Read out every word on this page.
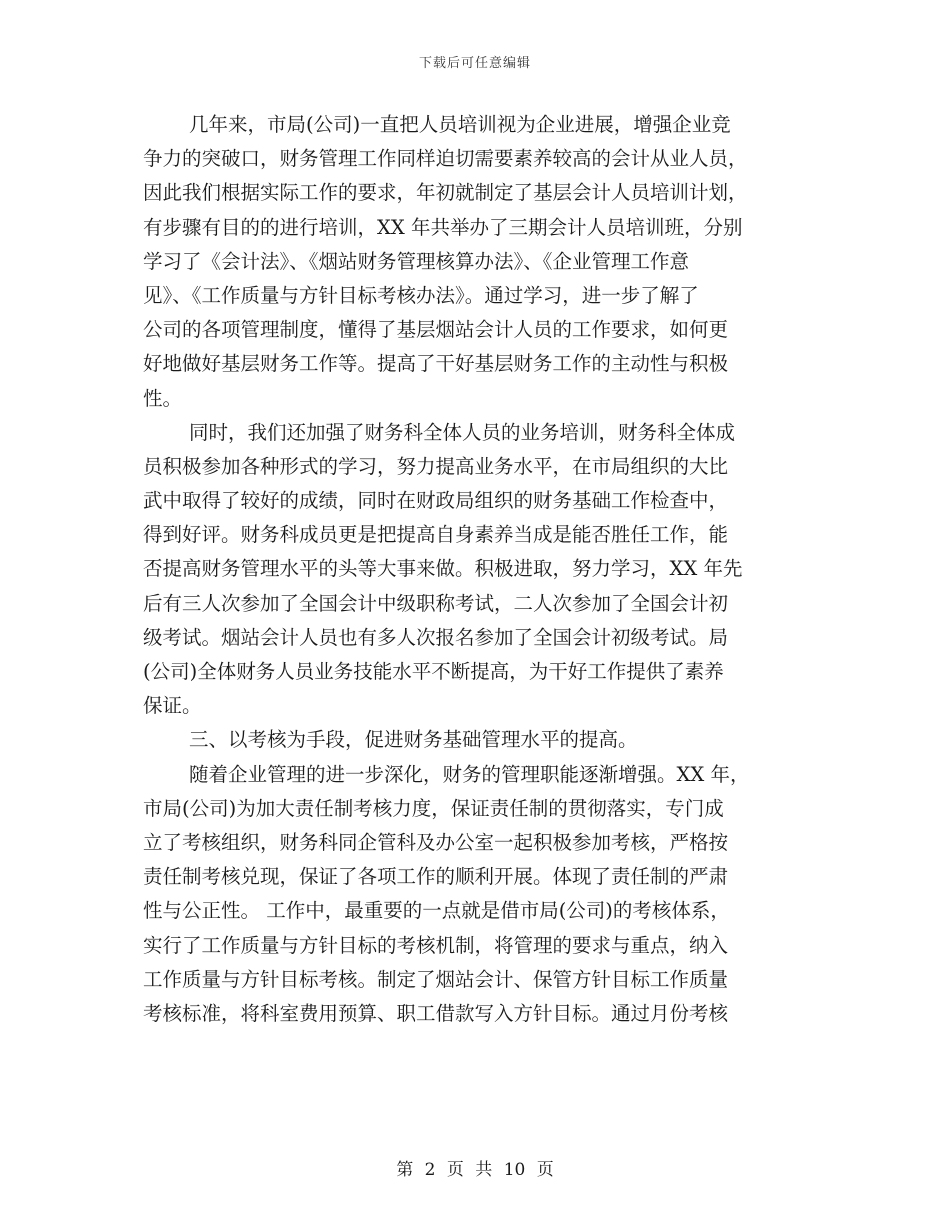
下载后可任意编辑
几年来，市局(公司)一直把人员培训视为企业进展，增强企业竞
争力的突破口，财务管理工作同样迫切需要素养较高的会计从业人员，
因此我们根据实际工作的要求，年初就制定了基层会计人员培训计划，
有步骤有目的的进行培训，XX 年共举办了三期会计人员培训班，分别
学习了《会计法》、《烟站财务管理核算办法》、《企业管理工作意
见》、《工作质量与方针目标考核办法》。通过学习，进一步了解了
公司的各项管理制度，懂得了基层烟站会计人员的工作要求，如何更
好地做好基层财务工作等。提高了干好基层财务工作的主动性与积极
性。
同时，我们还加强了财务科全体人员的业务培训，财务科全体成
员积极参加各种形式的学习，努力提高业务水平，在市局组织的大比
武中取得了较好的成绩，同时在财政局组织的财务基础工作检查中，
得到好评。财务科成员更是把提高自身素养当成是能否胜任工作，能
否提高财务管理水平的头等大事来做。积极进取，努力学习，XX 年先
后有三人次参加了全国会计中级职称考试，二人次参加了全国会计初
级考试。烟站会计人员也有多人次报名参加了全国会计初级考试。局
(公司)全体财务人员业务技能水平不断提高，为干好工作提供了素养
保证。
三、以考核为手段，促进财务基础管理水平的提高。
随着企业管理的进一步深化，财务的管理职能逐渐增强。XX 年，
市局(公司)为加大责任制考核力度，保证责任制的贯彻落实，专门成
立了考核组织，财务科同企管科及办公室一起积极参加考核，严格按
责任制考核兑现，保证了各项工作的顺利开展。体现了责任制的严肃
性与公正性。 工作中，最重要的一点就是借市局(公司)的考核体系，
实行了工作质量与方针目标的考核机制，将管理的要求与重点，纳入
工作质量与方针目标考核。制定了烟站会计、保管方针目标工作质量
考核标准，将科室费用预算、职工借款写入方针目标。通过月份考核
第 2 页 共 10 页
